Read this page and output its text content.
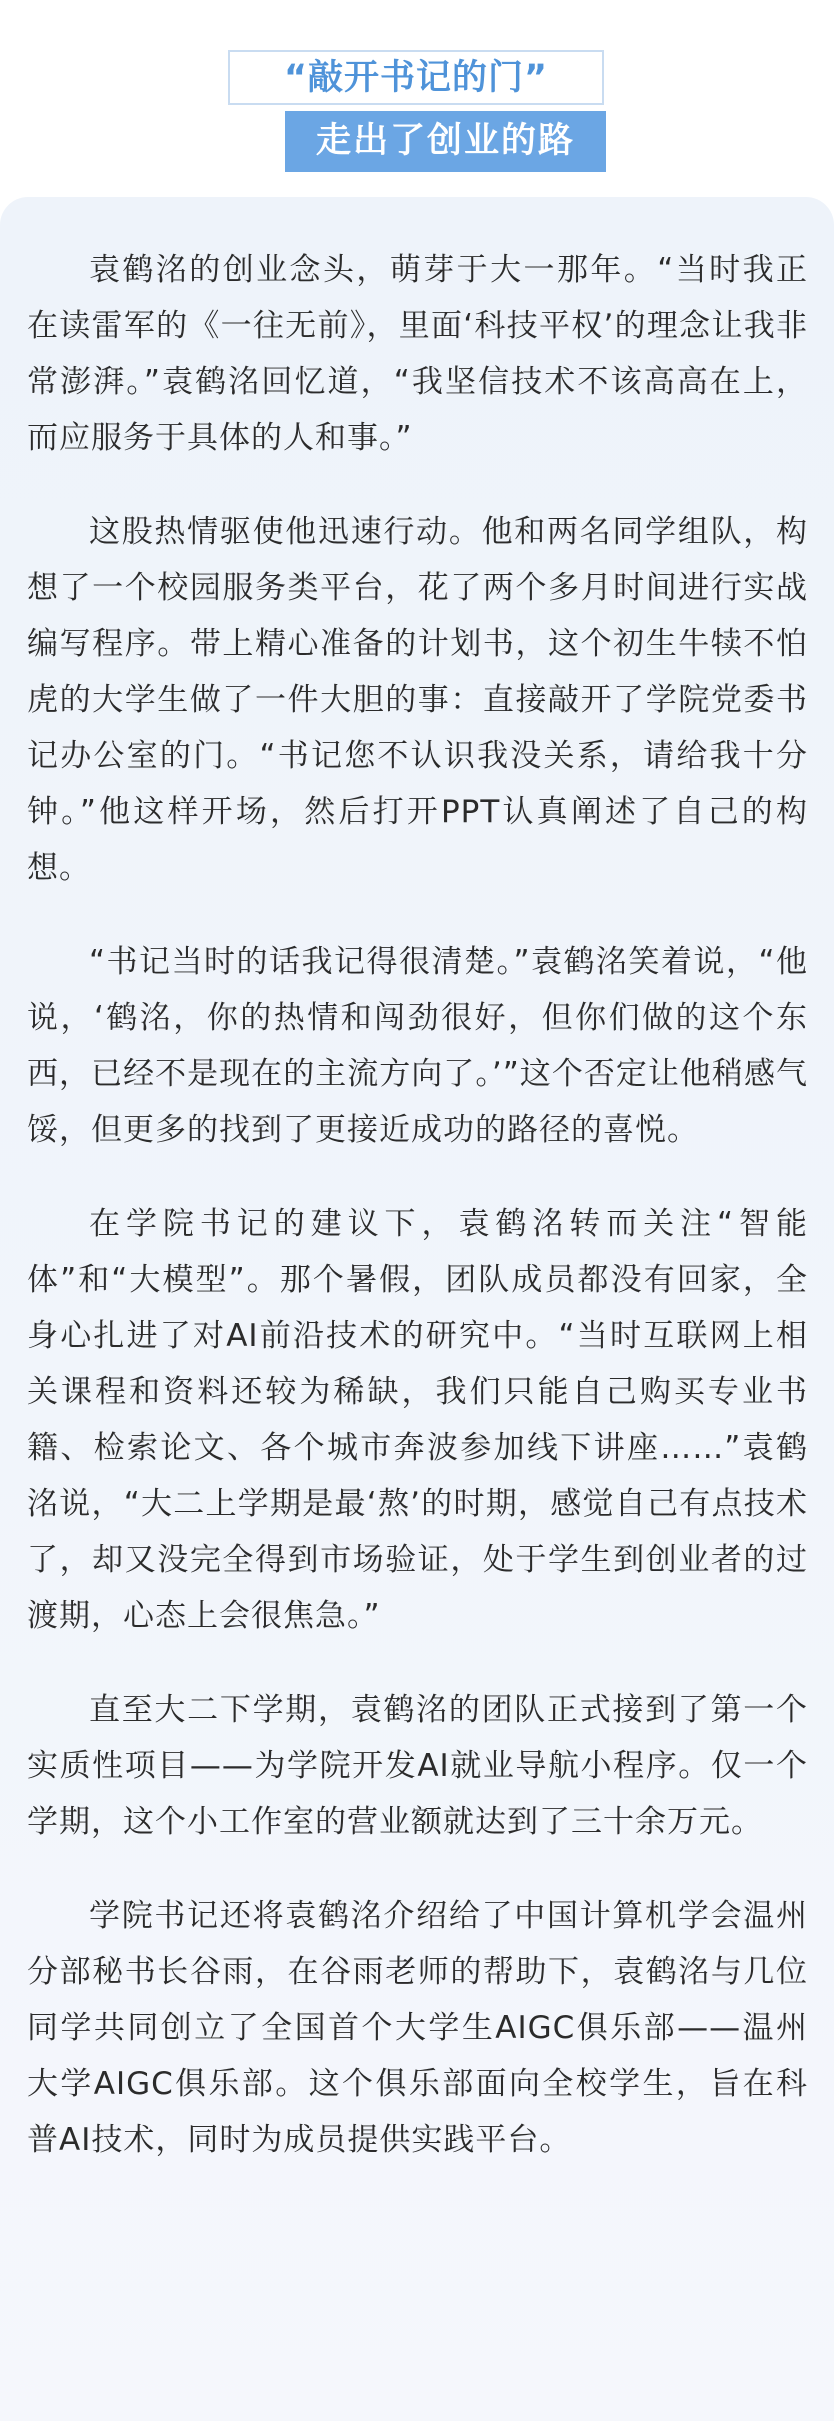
“敲开书记的门”
走出了创业的路

袁鹤洺的创业念头，萌芽于大一那年。“当时我正在读雷军的《一往无前》，里面‘科技平权’的理念让我非常澎湃。”袁鹤洺回忆道，“我坚信技术不该高高在上，而应服务于具体的人和事。”

这股热情驱使他迅速行动。他和两名同学组队，构想了一个校园服务类平台，花了两个多月时间进行实战编写程序。带上精心准备的计划书，这个初生牛犊不怕虎的大学生做了一件大胆的事：直接敲开了学院党委书记办公室的门。“书记您不认识我没关系，请给我十分钟。”他这样开场，然后打开PPT认真阐述了自己的构想。

“书记当时的话我记得很清楚。”袁鹤洺笑着说，“他说，‘鹤洺，你的热情和闯劲很好，但你们做的这个东西，已经不是现在的主流方向了。’”这个否定让他稍感气馁，但更多的找到了更接近成功的路径的喜悦。

在学院书记的建议下，袁鹤洺转而关注“智能体”和“大模型”。那个暑假，团队成员都没有回家，全身心扎进了对AI前沿技术的研究中。“当时互联网上相关课程和资料还较为稀缺，我们只能自己购买专业书籍、检索论文、各个城市奔波参加线下讲座……”袁鹤洺说，“大二上学期是最‘熬’的时期，感觉自己有点技术了，却又没完全得到市场验证，处于学生到创业者的过渡期，心态上会很焦急。”

直至大二下学期，袁鹤洺的团队正式接到了第一个实质性项目——为学院开发AI就业导航小程序。仅一个学期，这个小工作室的营业额就达到了三十余万元。

学院书记还将袁鹤洺介绍给了中国计算机学会温州分部秘书长谷雨，在谷雨老师的帮助下，袁鹤洺与几位同学共同创立了全国首个大学生AIGC俱乐部——温州大学AIGC俱乐部。这个俱乐部面向全校学生，旨在科普AI技术，同时为成员提供实践平台。
